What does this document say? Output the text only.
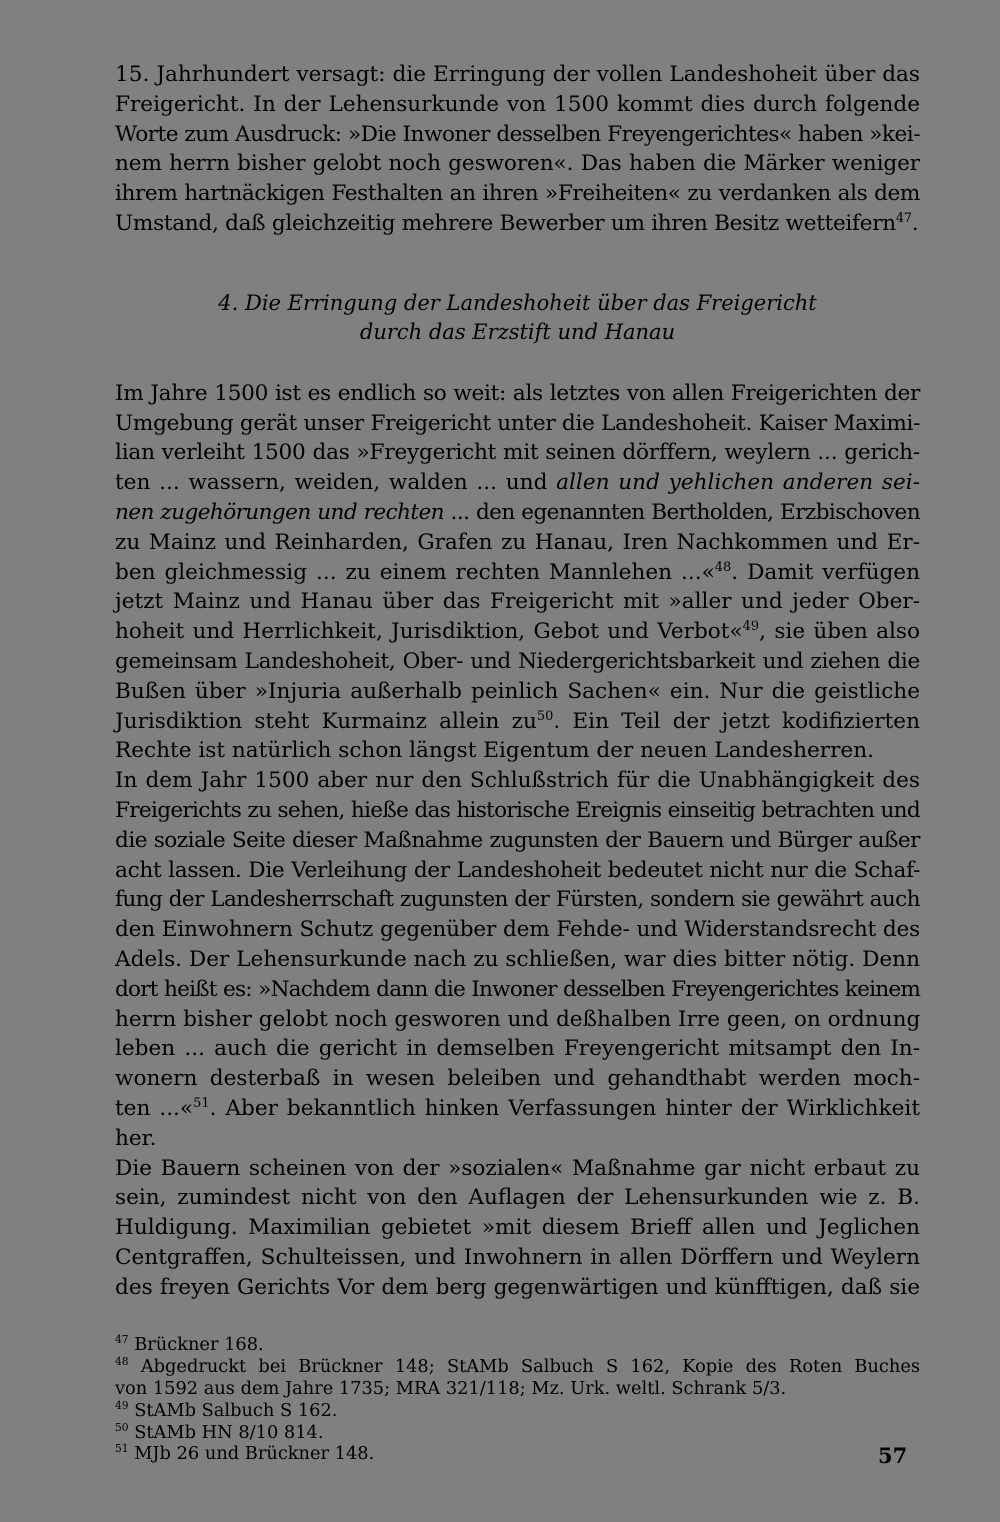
15. Jahrhundert versagt: die Erringung der vollen Landeshoheit über das
Freigericht. In der Lehensurkunde von 1500 kommt dies durch folgende
Worte zum Ausdruck: »Die Inwoner desselben Freyengerichtes« haben »kei-
nem herrn bisher gelobt noch gesworen«. Das haben die Märker weniger
ihrem hartnäckigen Festhalten an ihren »Freiheiten« zu verdanken als dem
Umstand, daß gleichzeitig mehrere Bewerber um ihren Besitz wetteifern$^{47}$.
4. Die Erringung der Landeshoheit über das Freigericht
durch das Erzstift und Hanau
Im Jahre 1500 ist es endlich so weit: als letztes von allen Freigerichten der
Umgebung gerät unser Freigericht unter die Landeshoheit. Kaiser Maximi-
lian verleiht 1500 das »Freygericht mit seinen dörffern, weylern ... gerich-
ten ... wassern, weiden, walden ... und allen und yehlichen anderen sei-
nen zugehörungen und rechten ... den egenannten Bertholden, Erzbischoven
zu Mainz und Reinharden, Grafen zu Hanau, Iren Nachkommen und Er-
ben gleichmessig ... zu einem rechten Mannlehen ...«$^{48}$. Damit verfügen
jetzt Mainz und Hanau über das Freigericht mit »aller und jeder Ober-
hoheit und Herrlichkeit, Jurisdiktion, Gebot und Verbot«$^{49}$, sie üben also
gemeinsam Landeshoheit, Ober- und Niedergerichtsbarkeit und ziehen die
Bußen über »Injuria außerhalb peinlich Sachen« ein. Nur die geistliche
Jurisdiktion steht Kurmainz allein $zu^{50}$. Ein Teil der jetzt kodifizierten
Rechte ist natürlich schon längst Eigentum der neuen Landesherren.
In dem Jahr 1500 aber nur den Schlußstrich für die Unabhängigkeit des
Freigerichts zu sehen, hieße das historische Ereignis einseitig betrachten und
die soziale Seite dieser Maßnahme zugunsten der Bauern und Bürger außer
acht lassen. Die Verleihung der Landeshoheit bedeutet nicht nur die Schaf-
fung der Landesherrschaft zugunsten der Fürsten, sondern sie gewährt auch
den Einwohnern Schutz gegenüber dem Fehde- und Widerstandsrecht des
Adels. Der Lehensurkunde nach zu schließen, war dies bitter nötig. Denn
dort heißt es: »Nachdem dann die Inwoner desselben Freyengerichtes keinem
herrn bisher gelobt noch gesworen und deßhalben Irre geen, on ordnung
leben ... auch die gericht in demselben Freyengericht mitsampt den In-
wonern desterbaß in wesen beleiben und gehandthabt werden moch-
ten ...«$^{51}$. Aber bekanntlich hinken Verfassungen hinter der Wirklichkeit
her.
Die Bauern scheinen von der »sozialen« Maßnahme gar nicht erbaut zu
sein, zumindest nicht von den Auflagen der Lehensurkunden wie z. B.
Huldigung. Maximilian gebietet »mit diesem Brieff allen und Jeglichen
Centgraffen, Schulteissen, und Inwohnern in allen Dörffern und Weylern
des freyen Gerichts Vor dem berg gegenwärtigen und künfftigen, daß sie
$^{47}$ Brückner 168.
$^{48}$ Abgedruckt bei Brückner 148; StAMb Salbuch S 162, Kopie des Roten Buches
von 1592 aus dem Jahre 1735; MRA 321/118; Mz. Urk. weltl. Schrank 5/3.
$^{49}$ StAMb Salbuch S 162.
$^{50}$ StAMb HN 8/10 814.
$^{51}$ MJb 26 und Brückner 148.	57
